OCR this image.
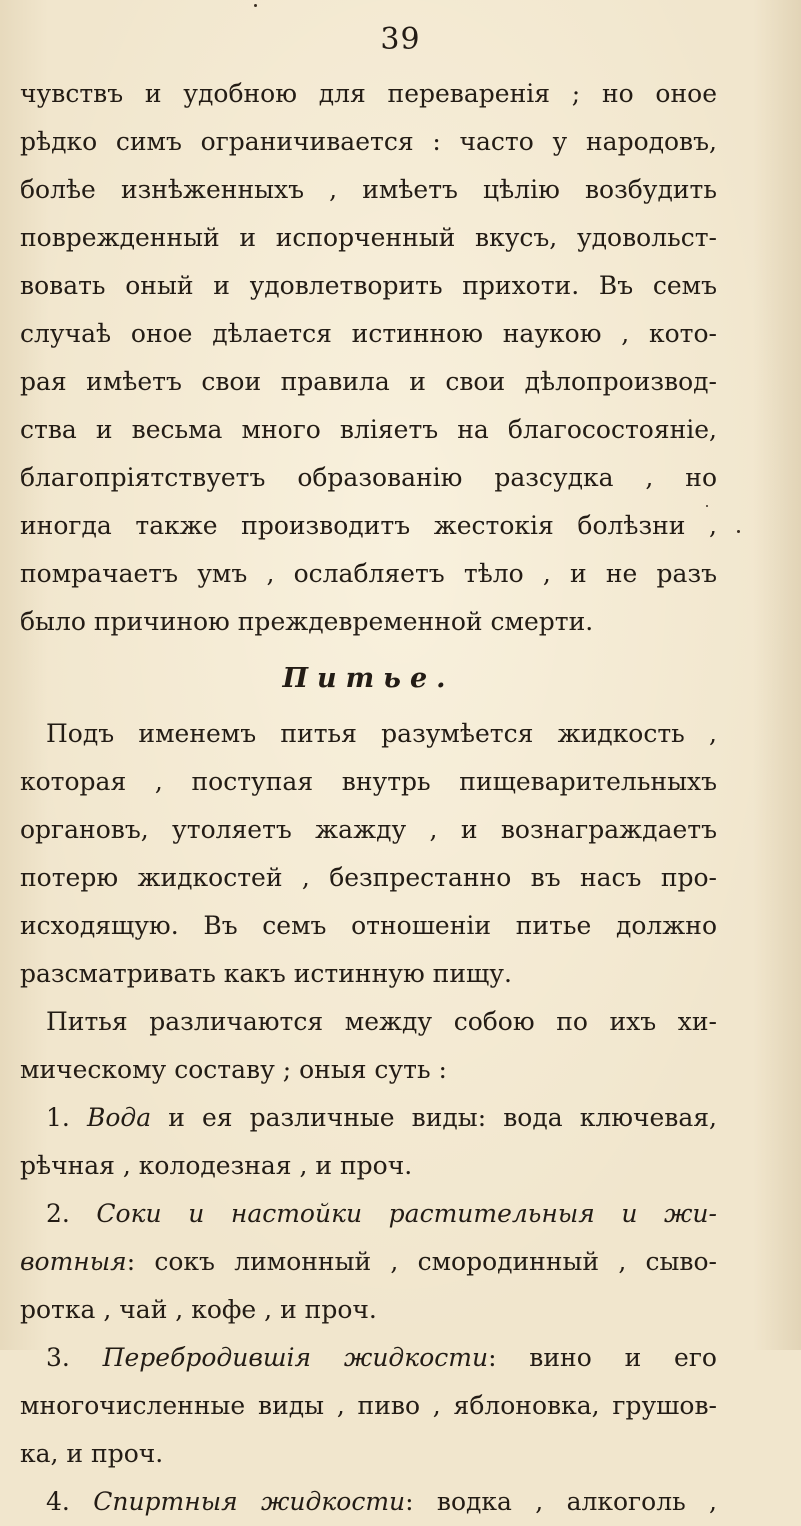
39

чувствъ и удобною для переваренія ; но оное
рѣдко симъ ограничивается : часто у народовъ,
болѣе изнѣженныхъ , имѣетъ цѣлію возбудить
поврежденный и испорченный вкусъ, удовольст-
вовать оный и удовлетворить прихоти. Въ семъ
случаѣ оное дѣлается истинною наукою , кото-
рая имѣетъ свои правила и свои дѣлопроизвод-
ства и весьма много вліяетъ на благосостояніе,
благопріятствуетъ образованію разсудка , но
иногда также производитъ жестокія болѣзни ,
помрачаетъ умъ , ослабляетъ тѣло , и не разъ
было причиною преждевременной смерти.
Питье.
Подъ именемъ питья разумѣется жидкость ,
которая , поступая внутрь пищеварительныхъ
органовъ, утоляетъ жажду , и вознаграждаетъ
потерю жидкостей , безпрестанно въ насъ про-
исходящую. Въ семъ отношеніи питье должно
разсматривать какъ истинную пищу.
Питья различаются между собою по ихъ хи-
мическому составу ; оныя суть :
1. Вода и ея различные виды: вода ключевая,
рѣчная , колодезная , и проч.
2. Соки и настойки растительныя и жи-
вотныя: сокъ лимонный , смородинный , сыво-
ротка , чай , кофе , и проч.
3. Перебродившія жидкости: вино и его
многочисленные виды , пиво , яблоновка, грушов-
ка, и проч.
4. Спиртныя жидкости: водка , алкоголь ,
